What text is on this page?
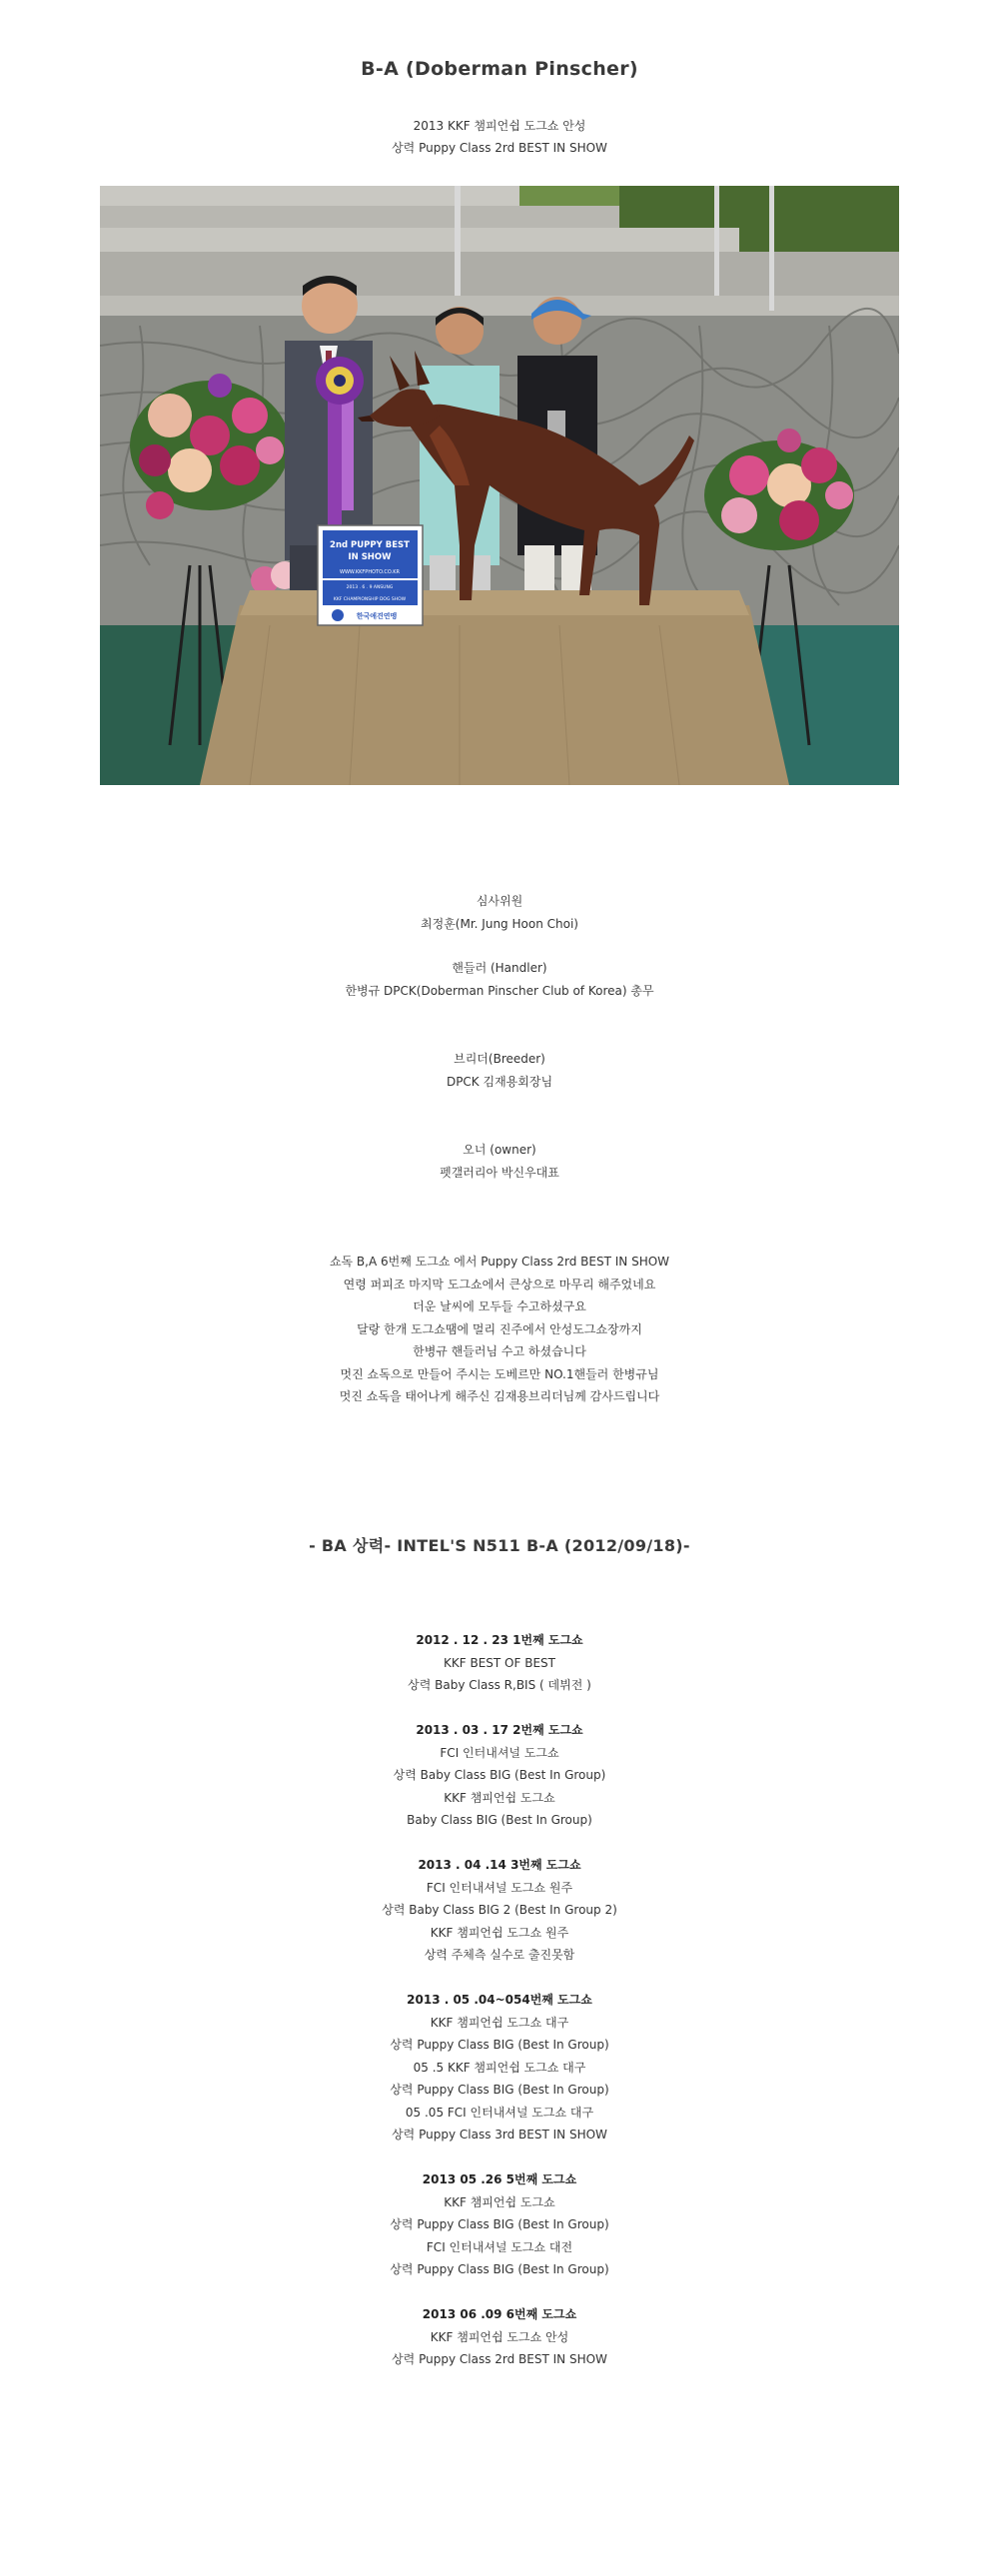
B-A (Doberman Pinscher)
2013 KKF 챔피언쉽 도그쇼 안성
상력 Puppy Class 2rd BEST IN SHOW
2nd PUPPY BEST
IN SHOW
WWW.KKFPHOTO.CO.KR
2013 . 6 . 9 ANSUNG
KKF CHAMPIONSHIP DOG SHOW
한국애견연맹
심사위원
최정훈(Mr. Jung Hoon Choi)
핸들러 (Handler)
한병규 DPCK(Doberman Pinscher Club of Korea) 총무
브리더(Breeder)
DPCK 김재용회장님
오너 (owner)
펫갤러리아 박신우대표
쇼독 B,A 6번째 도그쇼 에서 Puppy Class 2rd BEST IN SHOW
연령 퍼피조 마지막 도그쇼에서 큰상으로 마무리 해주었네요
더운 날씨에 모두들 수고하셨구요
달랑 한개 도그쇼땜에 멀리 진주에서 안성도그쇼장까지
한병규 핸들러님 수고 하셨습니다
멋진 쇼독으로 만들어 주시는 도베르만 NO.1핸들러 한병규님
멋진 쇼독을 태어나게 해주신 김재용브리더님께 감사드립니다
- BA 상력- INTEL'S N511 B-A (2012/09/18)-
2012 . 12 . 23 1번째 도그쇼
KKF BEST OF BEST
상력 Baby Class R,BIS ( 데뷔전 )
2013 . 03 . 17 2번째 도그쇼
FCI 인터내셔널 도그쇼
상력 Baby Class BIG (Best In Group)
KKF 챔피언쉽 도그쇼
Baby Class BIG (Best In Group)
2013 . 04 .14 3번째 도그쇼
FCI 인터내셔널 도그쇼 원주
상력 Baby Class BIG 2 (Best In Group 2)
KKF 챔피언쉽 도그쇼 원주
상력 주체측 실수로 출진못함
2013 . 05 .04~054번째 도그쇼
KKF 챔피언쉽 도그쇼 대구
상력 Puppy Class BIG (Best In Group)
05 .5 KKF 챔피언쉽 도그쇼 대구
상력 Puppy Class BIG (Best In Group)
05 .05 FCI 인터내셔널 도그쇼 대구
상력 Puppy Class 3rd BEST IN SHOW
2013 05 .26 5번째 도그쇼
KKF 챔피언쉽 도그쇼
상력 Puppy Class BIG (Best In Group)
FCI 인터내셔널 도그쇼 대전
상력 Puppy Class BIG (Best In Group)
2013 06 .09 6번째 도그쇼
KKF 챔피언쉽 도그쇼 안성
상력 Puppy Class 2rd BEST IN SHOW
